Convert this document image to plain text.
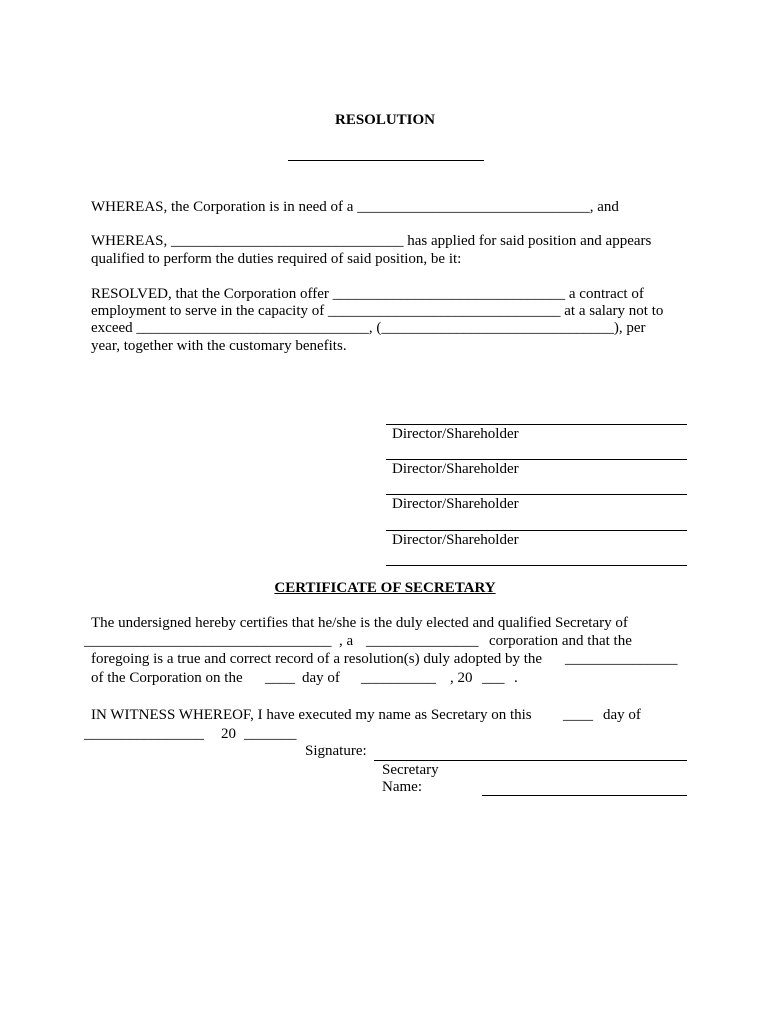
RESOLUTION
WHEREAS, the Corporation is in need of a _______________________________, and
WHEREAS, _______________________________ has applied for said position and appears
qualified to perform the duties required of said position, be it:
RESOLVED, that the Corporation offer _______________________________ a contract of
employment to serve in the capacity of _______________________________ at a salary not to
exceed _______________________________, (_______________________________), per
year, together with the customary benefits.
Director/Shareholder
Director/Shareholder
Director/Shareholder
Director/Shareholder
CERTIFICATE OF SECRETARY
The undersigned hereby certifies that he/she is the duly elected and qualified Secretary of
_________________________________ , a _______________ corporation and that the
foregoing is a true and correct record of a resolution(s) duly adopted by the _______________
of the Corporation on the ____ day of __________ , 20 ___ .
IN WITNESS WHEREOF, I have executed my name as Secretary on this ____ day of
________________ 20 _______
Signature:
Secretary
Name:
